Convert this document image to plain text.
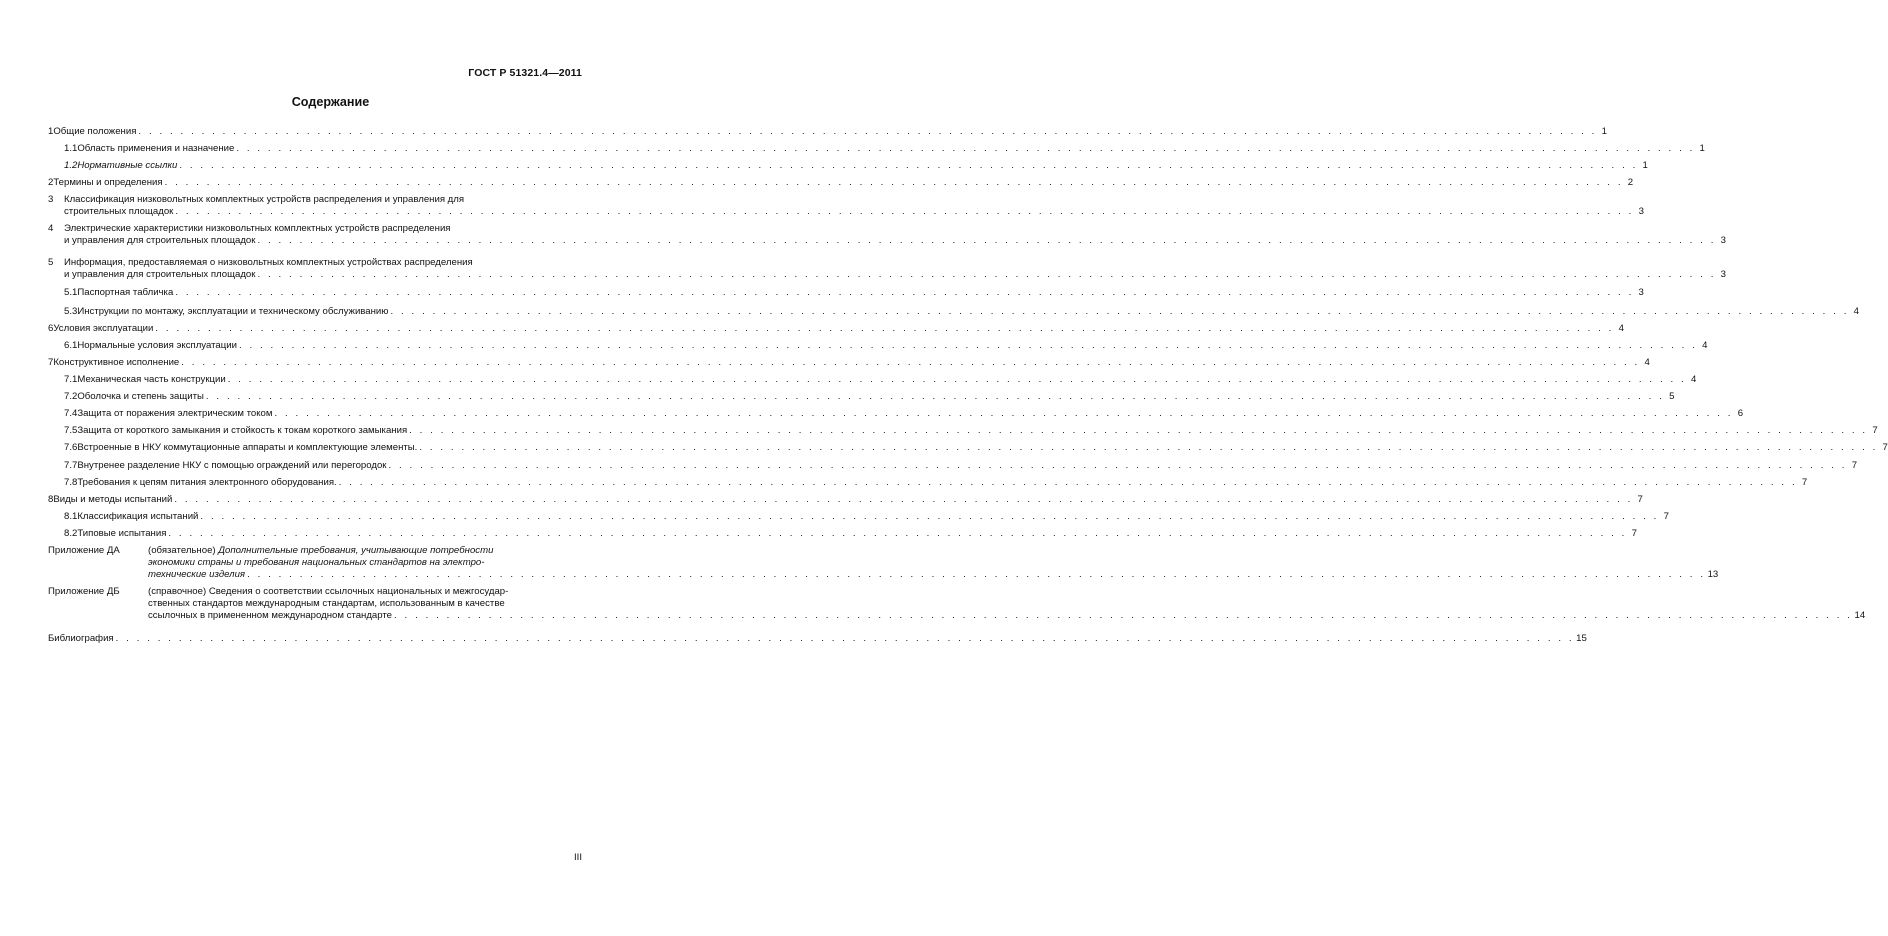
ГОСТ Р 51321.4—2011
Содержание
1 Общие положения . . .	1
1.1 Область применения и назначение . . .	1
1.2 Нормативные ссылки . . .	1
2 Термины и определения . . .	2
3	Классификация низковольтных комплектных устройств распределения и управления для
строительных площадок . . .	3
4	Электрические характеристики низковольтных комплектных устройств распределения
и управления для строительных площадок . . .	3
5	Информация, предоставляемая о низковольтных комплектных устройствах распределения
и управления для строительных площадок . . .	3
5.1 Паспортная табличка . . .	3
5.3 Инструкции по монтажу, эксплуатации и техническому обслуживанию . . .	4
6 Условия эксплуатации . . .	4
6.1 Нормальные условия эксплуатации . . .	4
7 Конструктивное исполнение . . .	4
7.1 Механическая часть конструкции . . .	4
7.2 Оболочка и степень защиты . . .	5
7.4 Защита от поражения электрическим током . . .	6
7.5 Защита от короткого замыкания и стойкость к токам короткого замыкания . . .	7
7.6 Встроенные в НКУ коммутационные аппараты и комплектующие элементы. . . .	7
7.7 Внутренее разделение НКУ с помощью ограждений или перегородок . . .	7
7.8 Требования к цепям питания электронного оборудования. . . .	7
8 Виды и методы испытаний . . .	7
8.1 Классификация испытаний . . .	7
8.2 Типовые испытания . . .	7
Приложение ДА	(обязательное)
Дополнительные требования, учитывающие потребности
экономики страны и требования национальных стандартов на электро-
технические изделия . . .	13
Приложение ДБ	(справочное)
Сведения о соответствии ссылочных национальных и межгосудар-
ственных стандартов международным стандартам, использованным в качестве
ссылочных в примененном международном стандарте . . .	14
Библиография . . .	15
III
